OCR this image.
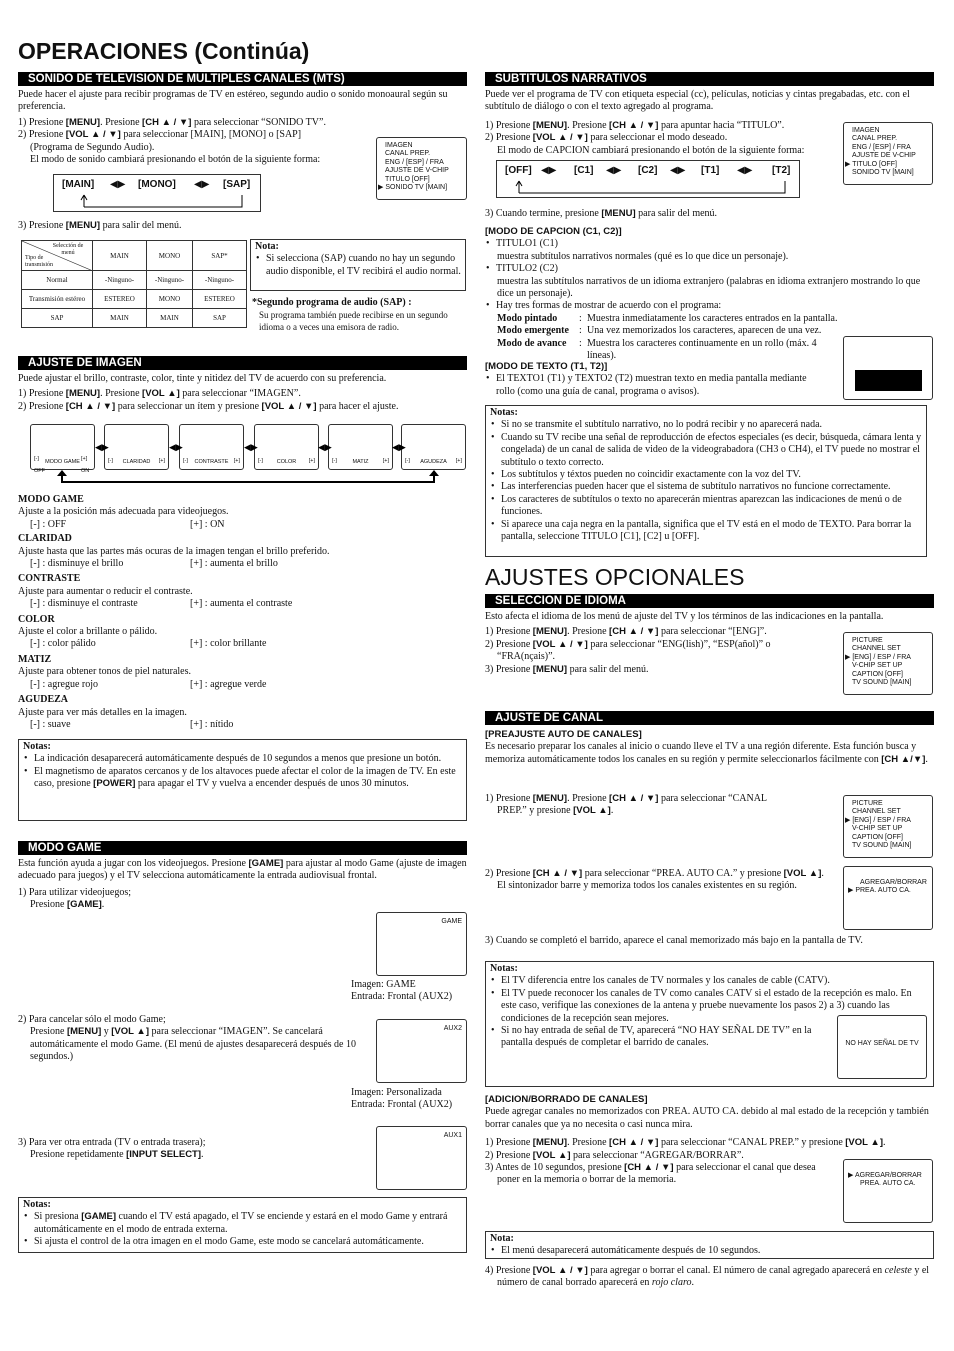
OPERACIONES (Continúa)
SONIDO DE TELEVISION DE MULTIPLES CANALES (MTS)
Puede hacer el ajuste para recibir programas de TV en estéreo, segundo audio o sonido monoaural según su preferencia.
1) Presione [MENU]. Presione [CH ▲ / ▼] para seleccionar “SONIDO TV”.
2) Presione [VOL ▲ / ▼] para seleccionar [MAIN], [MONO] o [SAP]
(Programa de Segundo Audio).
El modo de sonido cambiará presionando el botón de la siguiente forma:
IMAGEN
CANAL PREP.
ENG / [ESP] / FRA
AJUSTE DE V-CHIP
TITULO [OFF]
▶ SONIDO TV [MAIN]
[MAIN] ◀▶ [MONO] ◀▶ [SAP]
3) Presione [MENU] para salir del menú.
Selección de menú
Tipo de transmisión	MAIN	MONO	SAP*
Normal	-Ninguno-	-Ninguno-	-Ninguno-
Transmisión estéreo	ESTEREO	MONO	ESTEREO
SAP	MAIN	MAIN	SAP
Nota:
• Si selecciona (SAP) cuando no hay un segundo audio disponible, el TV recibirá el audio normal.
*Segundo programa de audio (SAP) :
Su programa también puede recibirse en un segundo idioma o a veces una emisora de radio.
AJUSTE DE IMAGEN
Puede ajustar el brillo, contraste, color, tinte y nitidez del TV de acuerdo con su preferencia.
1) Presione [MENU]. Presione [VOL ▲] para seleccionar “IMAGEN”.
2) Presione [CH ▲ / ▼] para seleccionar un ítem y presione [VOL ▲ / ▼] para hacer el ajuste.
[-] OFF
MODO GAME [+] ON
[-]	CLARIDAD	[+]	[-]	CONTRASTE [+]	[-]	COLOR	[+]	[-]	MATIZ	[+]	[-]	AGUDEZA	[+]
◀▶	◀▶	◀▶	◀▶	◀▶
MODO GAME
Ajuste a la posición más adecuada para videojuegos.
[-] : OFF	[+] : ON
CLARIDAD
Ajuste hasta que las partes más ocuras de la imagen tengan el brillo preferido.
[-] : disminuye el brillo	[+] : aumenta el brillo
CONTRASTE
Ajuste para aumentar o reducir el contraste.
[-] : disminuye el contraste	[+] : aumenta el contraste
COLOR
Ajuste el color a brillante o pálido.
[-] : color pálido	[+] : color brillante
MATIZ
Ajuste para obtener tonos de piel naturales.
[-] : agregue rojo	[+] : agregue verde
AGUDEZA
Ajuste para ver más detalles en la imagen.
[-] : suave	[+] : nítido
Notas:
• La indicación desaparecerá automáticamente después de 10 segundos a menos que presione un botón.
• El magnetismo de aparatos cercanos y de los altavoces puede afectar el color de la imagen de TV. En este caso, presione [POWER] para apagar el TV y vuelva a encender después de unos 30 minutos.
MODO GAME
Esta función ayuda a jugar con los videojuegos. Presione [GAME] para ajustar al modo Game (ajuste de imagen adecuado para juegos) y el TV selecciona automáticamente la entrada audiovisual frontal.
1) Para utilizar videojuegos;
Presione [GAME].
GAME
Imagen: GAME
Entrada: Frontal (AUX2)
2) Para cancelar sólo el modo Game;
Presione [MENU] y [VOL ▲] para seleccionar “IMAGEN”. Se cancelará automáticamente el modo Game. (El menú de ajustes desaparecerá después de 10 segundos.)
AUX2
Imagen: Personalizada
Entrada: Frontal (AUX2)
3) Para ver otra entrada (TV o entrada trasera);
Presione repetidamente [INPUT SELECT].
AUX1
Notas:
• Si presiona [GAME] cuando el TV está apagado, el TV se enciende y estará en el modo Game y entrará automáticamente en el modo de entrada externa.
• Si ajusta el control de la otra imagen en el modo Game, este modo se cancelará automáticamente.
SUBTITULOS NARRATIVOS
Puede ver el programa de TV con etiqueta especial (cc), películas, noticias y cintas pregabadas, etc. con el subtítulo de diálogo o con el texto agregado al programa.
1) Presione [MENU]. Presione [CH ▲ / ▼] para apuntar hacia “TITULO”.
2) Presione [VOL ▲ / ▼] para seleccionar el modo deseado.
El modo de CAPCION cambiará presionando el botón de la siguiente forma:
IMAGEN
CANAL PREP.
ENG / [ESP] / FRA
AJUSTE DE V-CHIP
▶ TITULO [OFF]
SONIDO TV [MAIN]
[OFF] ◀▶ [C1] ◀▶ [C2] ◀▶ [T1] ◀▶ [T2]
3) Cuando termine, presione [MENU] para salir del menú.
[MODO DE CAPCION (C1, C2)]
• TITULO1 (C1)
muestra subtítulos narrativos normales (qué es lo que dice un personaje).
• TITULO2 (C2)
muestra las subtítulos narrativos de un idioma extranjero (palabras en idioma extranjero mostrando lo que dice un personaje).
• Hay tres formas de mostrar de acuerdo con el programa:
Modo pintado	: Muestra inmediatamente los caracteres entrados en la pantalla.
Modo emergente	: Una vez memorizados los caracteres, aparecen de una vez.
Modo de avance	: Muestra los caracteres continuamente en un rollo (máx. 4 líneas).
[MODO DE TEXTO (T1, T2)]
• El TEXTO1 (T1) y TEXTO2 (T2) muestran texto en media pantalla mediante rollo (como una guía de canal, programa o avisos).
Notas:
• Si no se transmite el subtítulo narrativo, no lo podrá recibir y no aparecerá nada.
• Cuando su TV recibe una señal de reproducción de efectos especiales (es decir, búsqueda, cámara lenta y congelada) de un canal de salida de video de la videograbadora (CH3 o CH4), el TV puede no mostrar el subtítulo o texto correcto.
• Los subtítulos y téxtos pueden no coincidir exactamente con la voz del TV.
• Las interferencias pueden hacer que el sistema de subtítulo narrativos no funcione correctamente.
• Los caracteres de subtítulos o texto no aparecerán mientras aparezcan las indicaciones de menú o de funciones.
• Si aparece una caja negra en la pantalla, significa que el TV está en el modo de TEXTO. Para borrar la pantalla, seleccione TITULO [C1], [C2] u [OFF].
AJUSTES OPCIONALES
SELECCION DE IDIOMA
Esto afecta el idioma de los menú de ajuste del TV y los términos de las indicaciones en la pantalla.
1) Presione [MENU]. Presione [CH ▲ / ▼] para seleccionar “[ENG]”.
2) Presione [VOL ▲ / ▼] para seleccionar “ENG(lish)”, “ESP(añol)” o
“FRA(nçais)”.
3) Presione [MENU] para salir del menú.
PICTURE
CHANNEL SET
▶ [ENG] / ESP / FRA
V-CHIP SET UP
CAPTION [OFF]
TV SOUND [MAIN]
AJUSTE DE CANAL
[PREAJUSTE AUTO DE CANALES]
Es necesario preparar los canales al inicio o cuando lleve el TV a una región diferente. Esta función busca y memoriza automáticamente todos los canales en su región y permite seleccionarlos fácilmente con [CH ▲/▼].
1) Presione [MENU]. Presione [CH ▲ / ▼] para seleccionar “CANAL
PREP.” y presione [VOL ▲].
PICTURE
CHANNEL SET
▶ [ENG] / ESP / FRA
V-CHIP SET UP
CAPTION [OFF]
TV SOUND [MAIN]
2) Presione [CH ▲ / ▼] para seleccionar “PREA. AUTO CA.” y presione [VOL ▲].
El sintonizador barre y memoriza todos los canales existentes en su región.	AGREGAR/BORRAR
▶ PREA. AUTO CA.
3) Cuando se completó el barrido, aparece el canal memorizado más bajo en la pantalla de TV.
Notas:
• El TV diferencia entre los canales de TV normales y los canales de cable (CATV).
• El TV puede reconocer los canales de TV como canales CATV si el estado de la recepción es malo. En este caso, verifique las conexiones de la antena y pruebe nuevamente los pasos 2) a 3) cuando las condiciones de la recepción sean mejores.
• Si no hay entrada de señal de TV, aparecerá “NO HAY SEÑAL DE TV” en la pantalla después de completar el barrido de canales.	NO HAY SEÑAL DE TV
[ADICION/BORRADO DE CANALES]
Puede agregar canales no memorizados con PREA. AUTO CA. debido al mal estado de la recepción y también borrar canales que ya no necesita o casi nunca mira.
1) Presione [MENU]. Presione [CH ▲ / ▼] para seleccionar “CANAL PREP.” y presione [VOL ▲].
2) Presione [VOL ▲] para seleccionar “AGREGAR/BORRAR”.
3) Antes de 10 segundos, presione [CH ▲ / ▼] para seleccionar el canal que desea poner en la memoria o borrar de la memoria.	▶ AGREGAR/BORRAR
PREA. AUTO CA.
Nota:
• El menú desaparecerá automáticamente después de 10 segundos.
4) Presione [VOL ▲ / ▼] para agregar o borrar el canal. El número de canal agregado aparecerá en celeste y el número de canal borrado aparecerá en rojo claro.
